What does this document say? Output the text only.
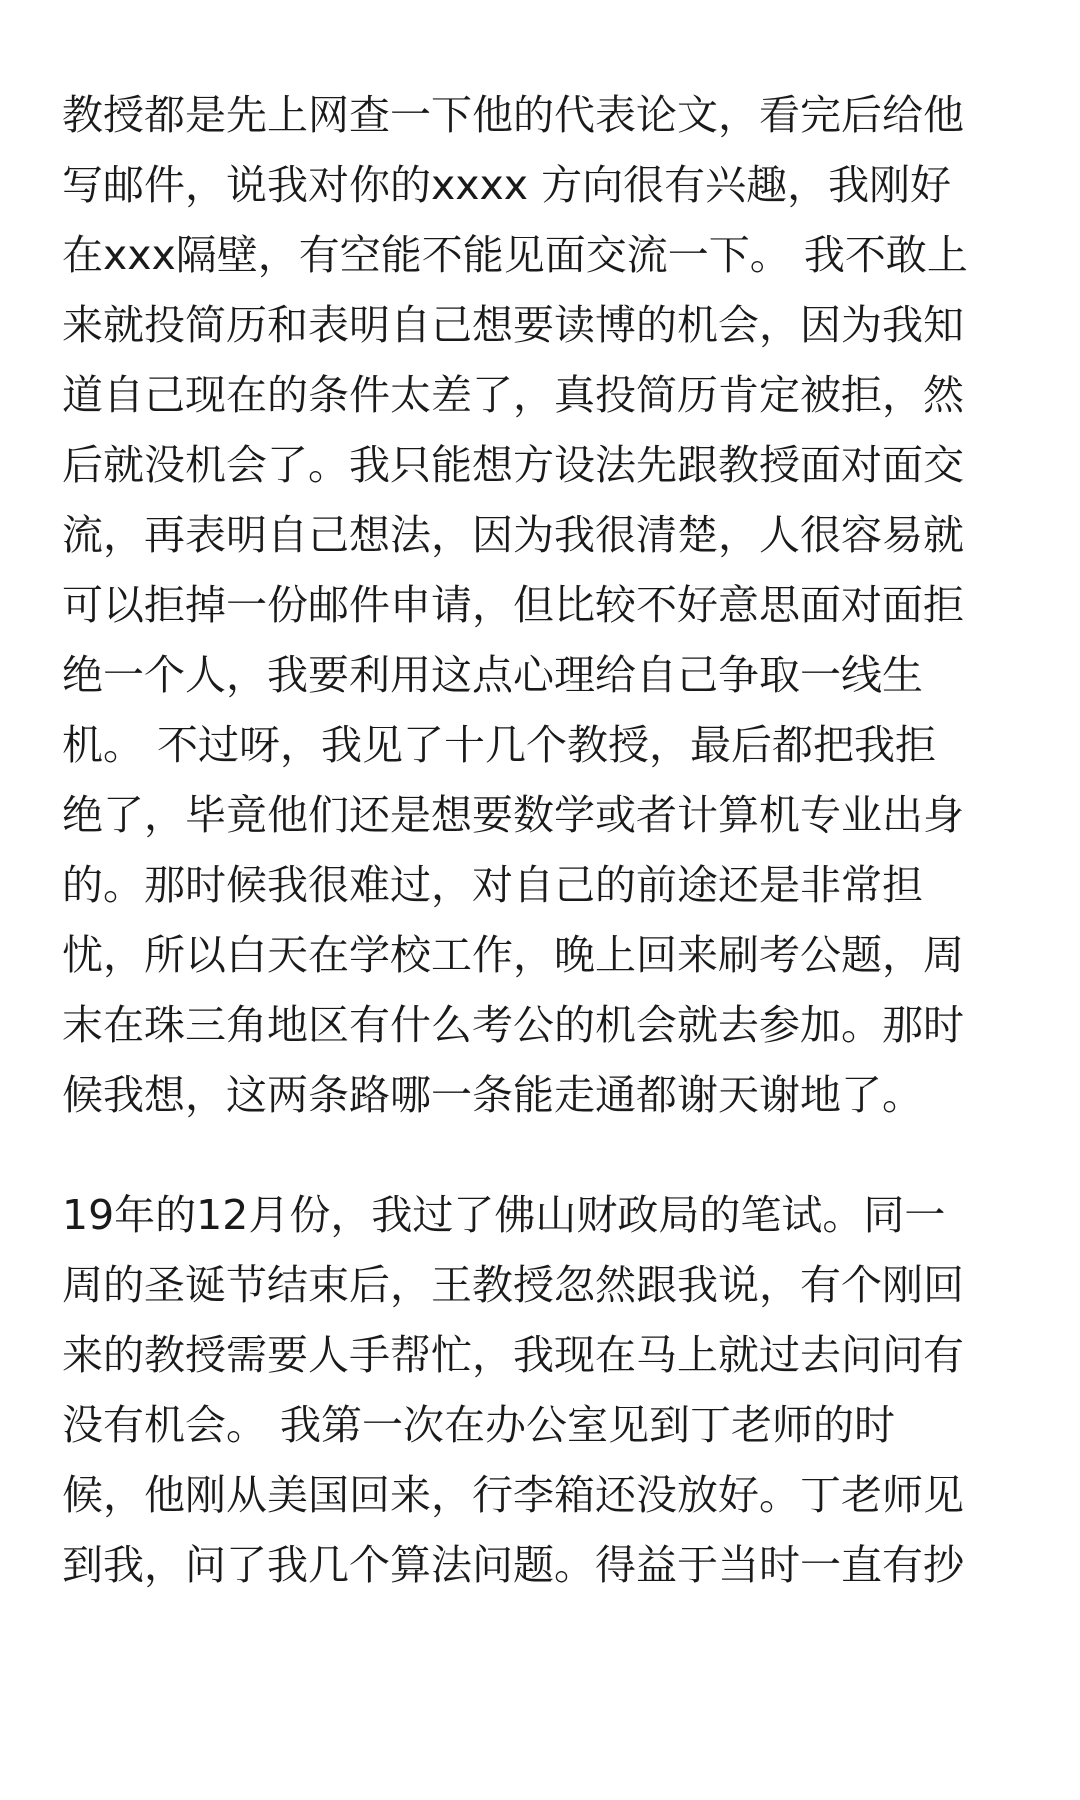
教授都是先上网查一下他的代表论文，看完后给他
写邮件，说我对你的xxxx 方向很有兴趣，我刚好
在xxx隔壁，有空能不能见面交流一下。 我不敢上
来就投简历和表明自己想要读博的机会，因为我知
道自己现在的条件太差了，真投简历肯定被拒，然
后就没机会了。我只能想方设法先跟教授面对面交
流，再表明自己想法，因为我很清楚，人很容易就
可以拒掉一份邮件申请，但比较不好意思面对面拒
绝一个人，我要利用这点心理给自己争取一线生
机。 不过呀，我见了十几个教授，最后都把我拒
绝了，毕竟他们还是想要数学或者计算机专业出身
的。那时候我很难过，对自己的前途还是非常担
忧，所以白天在学校工作，晚上回来刷考公题，周
末在珠三角地区有什么考公的机会就去参加。那时
候我想，这两条路哪一条能走通都谢天谢地了。
19年的12月份，我过了佛山财政局的笔试。同一
周的圣诞节结束后，王教授忽然跟我说，有个刚回
来的教授需要人手帮忙，我现在马上就过去问问有
没有机会。 我第一次在办公室见到丁老师的时
候，他刚从美国回来，行李箱还没放好。丁老师见
到我，问了我几个算法问题。得益于当时一直有抄
